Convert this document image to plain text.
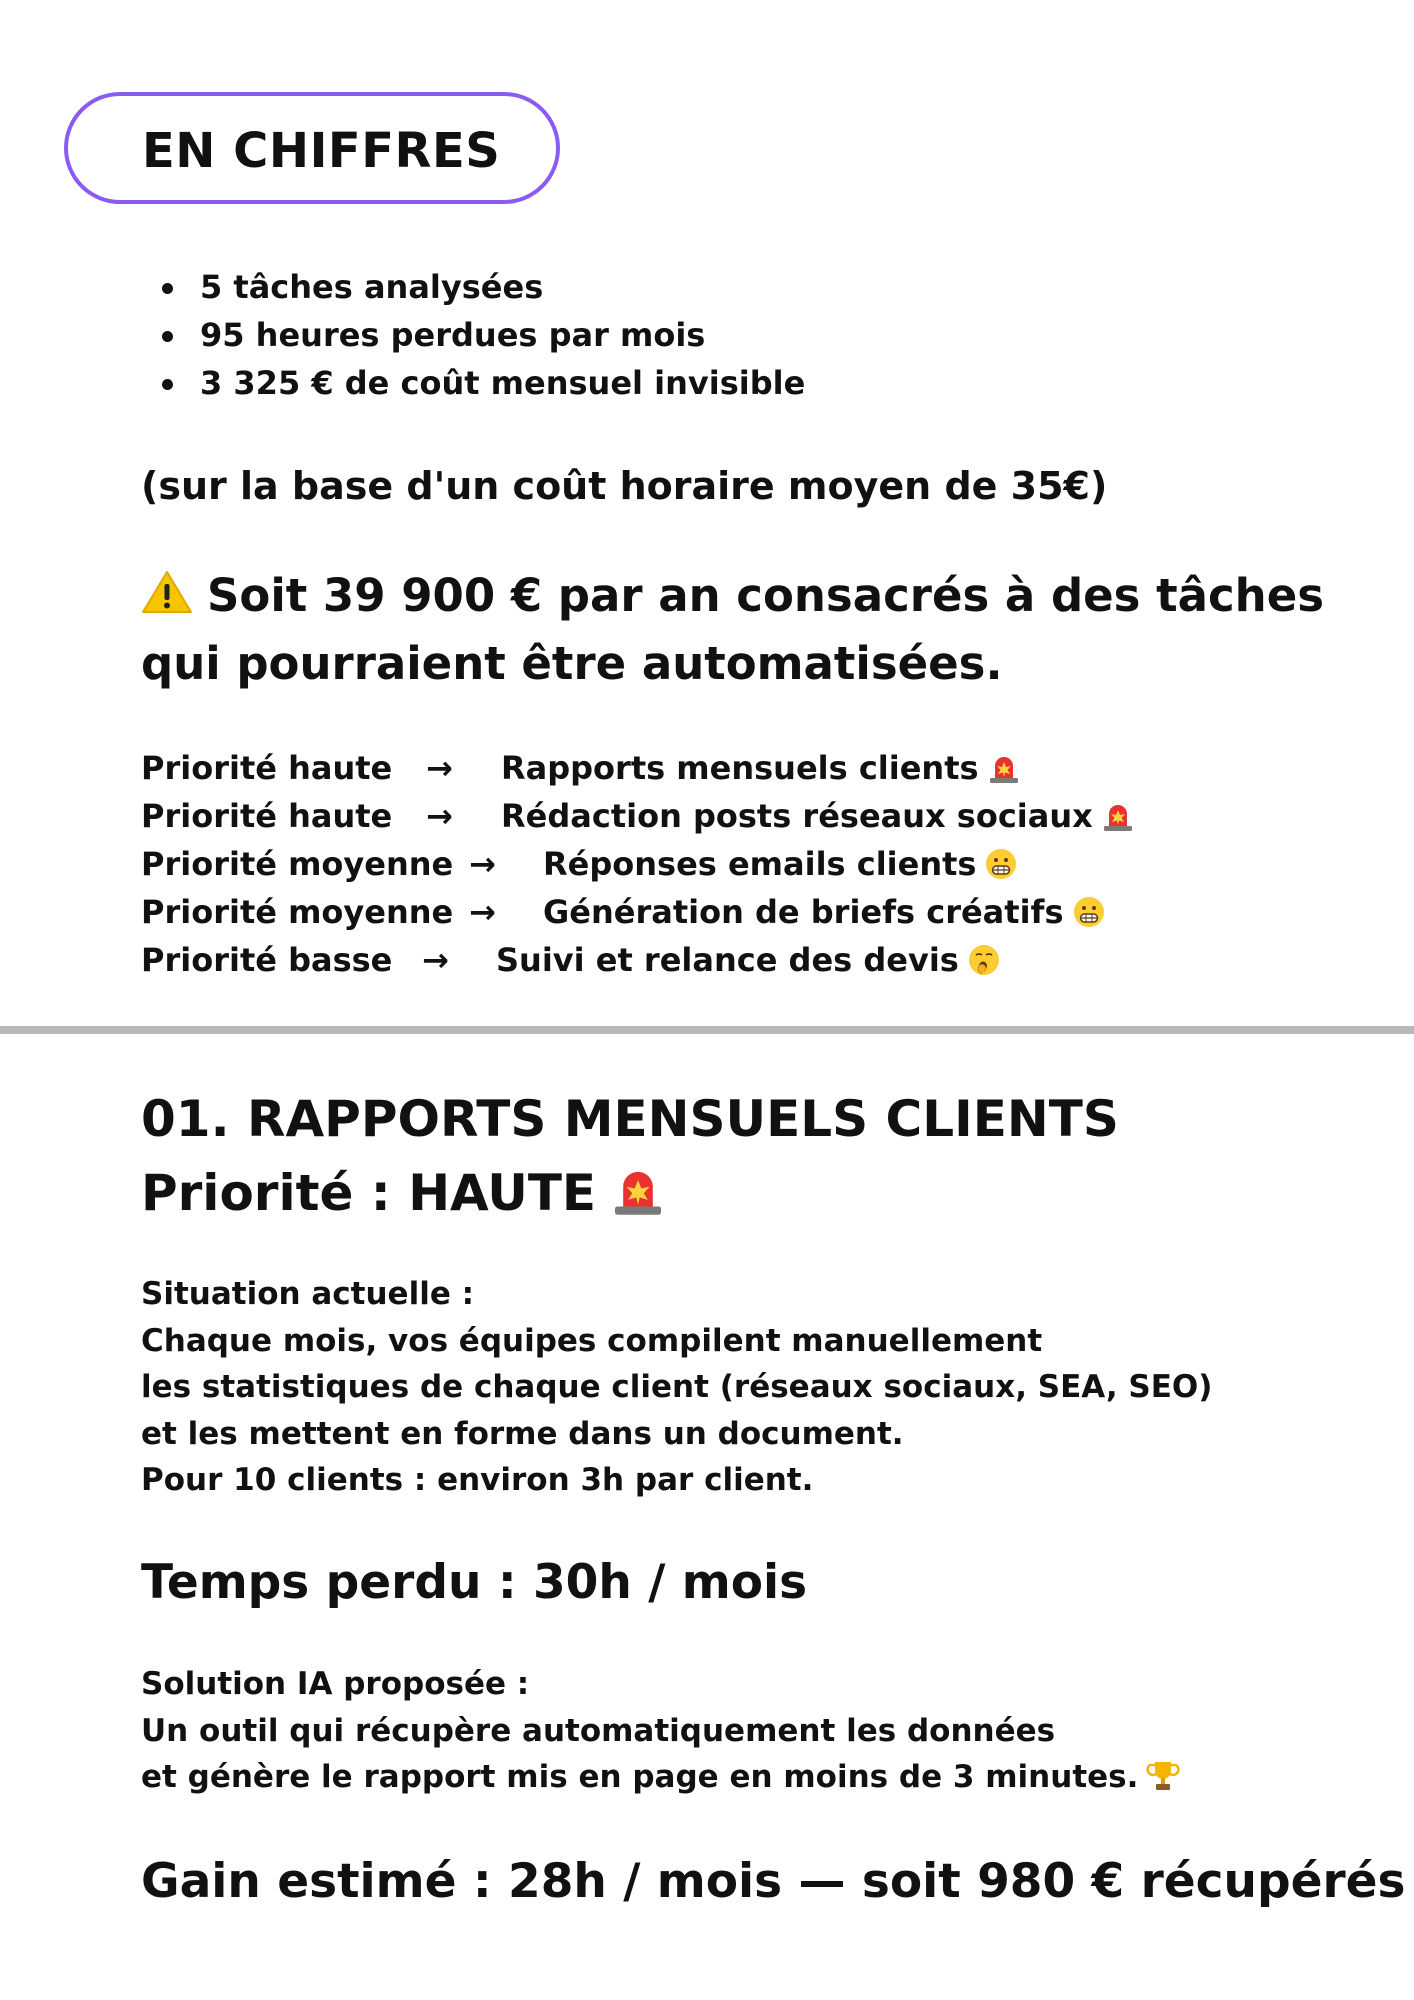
EN CHIFFRES
5 tâches analysées
95 heures perdues par mois
3 325 € de coût mensuel invisible
(sur la base d'un coût horaire moyen de 35€)
Soit 39 900 € par an consacrés à des tâches
qui pourraient être automatisées.
Priorité haute → Rapports mensuels clients
Priorité haute → Rédaction posts réseaux sociaux
Priorité moyenne → Réponses emails clients
Priorité moyenne → Génération de briefs créatifs
Priorité basse → Suivi et relance des devis
01. RAPPORTS MENSUELS CLIENTS
Priorité : HAUTE
Situation actuelle :
Chaque mois, vos équipes compilent manuellement
les statistiques de chaque client (réseaux sociaux, SEA, SEO)
et les mettent en forme dans un document.
Pour 10 clients : environ 3h par client.
Temps perdu : 30h / mois
Solution IA proposée :
Un outil qui récupère automatiquement les données
et génère le rapport mis en page en moins de 3 minutes.
Gain estimé : 28h / mois — soit 980 € récupérés
